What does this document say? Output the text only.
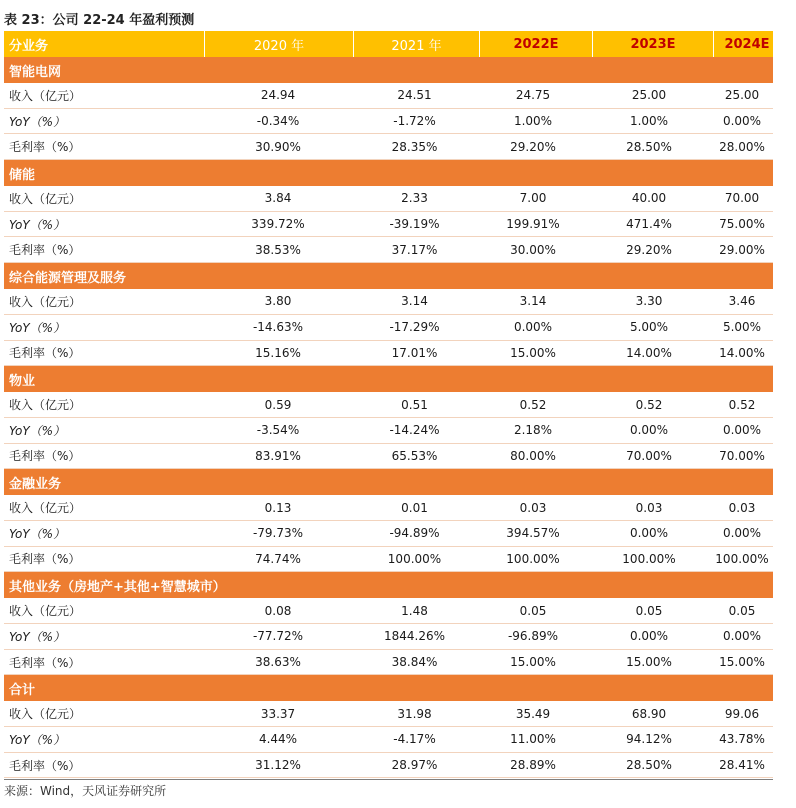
表 23：公司 22-24 年盈利预测
分业务	2020 年	2021 年	2022E	2023E	2024E
智能电网
收入（亿元）	24.94	24.51	24.75	25.00	25.00
YoY（%）	-0.34%	-1.72%	1.00%	1.00%	0.00%
毛利率（%）	30.90%	28.35%	29.20%	28.50%	28.00%
储能
收入（亿元）	3.84	2.33	7.00	40.00	70.00
YoY（%）	339.72%	-39.19%	199.91%	471.4%	75.00%
毛利率（%）	38.53%	37.17%	30.00%	29.20%	29.00%
综合能源管理及服务
收入（亿元）	3.80	3.14	3.14	3.30	3.46
YoY（%）	-14.63%	-17.29%	0.00%	5.00%	5.00%
毛利率（%）	15.16%	17.01%	15.00%	14.00%	14.00%
物业
收入（亿元）	0.59	0.51	0.52	0.52	0.52
YoY（%）	-3.54%	-14.24%	2.18%	0.00%	0.00%
毛利率（%）	83.91%	65.53%	80.00%	70.00%	70.00%
金融业务
收入（亿元）	0.13	0.01	0.03	0.03	0.03
YoY（%）	-79.73%	-94.89%	394.57%	0.00%	0.00%
毛利率（%）	74.74%	100.00%	100.00%	100.00%	100.00%
其他业务（房地产+其他+智慧城市）
收入（亿元）	0.08	1.48	0.05	0.05	0.05
YoY（%）	-77.72%	1844.26%	-96.89%	0.00%	0.00%
毛利率（%）	38.63%	38.84%	15.00%	15.00%	15.00%
合计
收入（亿元）	33.37	31.98	35.49	68.90	99.06
YoY（%）	4.44%	-4.17%	11.00%	94.12%	43.78%
毛利率（%）	31.12%	28.97%	28.89%	28.50%	28.41%
来源：Wind，天风证券研究所
